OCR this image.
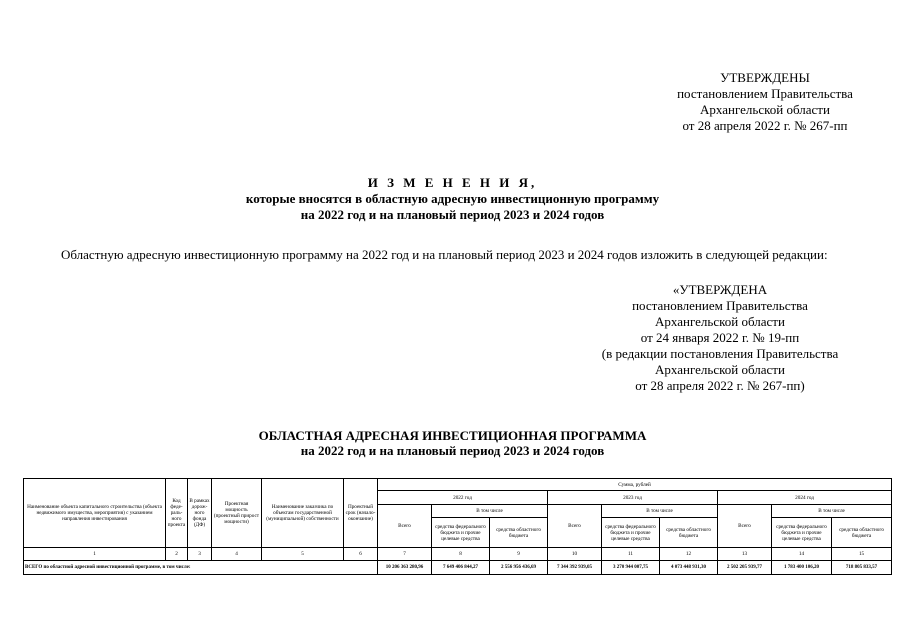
УТВЕРЖДЕНЫ
постановлением Правительства
Архангельской области
от 28 апреля 2022 г. № 267-пп
И З М Е Н Е Н И Я,
которые вносятся в областную адресную инвестиционную программу
на 2022 год и на плановый период 2023 и 2024 годов
Областную адресную инвестиционную программу на 2022 год и на плановый период 2023 и 2024 годов изложить в следующей редакции:
«УТВЕРЖДЕНА
постановлением Правительства
Архангельской области
от 24 января 2022 г. № 19-пп
(в редакции постановления Правительства
Архангельской области
от 28 апреля 2022 г. № 267-пп)
ОБЛАСТНАЯ АДРЕСНАЯ ИНВЕСТИЦИОННАЯ ПРОГРАММА
на 2022 год и на плановый период 2023 и 2024 годов
Наименование объекта капитального строительства (объекта недвижимого имущества, мероприятия) с указанием направления инвестирования	Код феде-раль-ного проекта	В рамках дорож-ного фонда (ДФ)	Проектная мощность (проектный прирост мощности)	Наименование заказчика по объектам государственной (муниципальной) собственности	Проектный срок (начало-окончание)	Сумма, рублей								
						2022 год			2023 год			2024 год		
						Всего	В том числе		Всего	В том числе		Всего	В том числе	
							средства федерального бюджета и прочие целевые средства	средства областного бюджета		средства федерального бюджета и прочие целевые средства	средства областного бюджета		средства федерального бюджета и прочие целевые средства	средства областного бюджета
1	2	3	4	5	6	7	8	9	10	11	12	13	14	15
ВСЕГО по областной адресной инвестиционной программе, в том числе:						10 206 363 280,96	7 649 406 844,27	2 556 956 436,69	7 344 392 939,05	3 270 944 007,75	4 073 448 931,30	2 502 205 939,77	1 783 400 106,20	718 805 833,57
